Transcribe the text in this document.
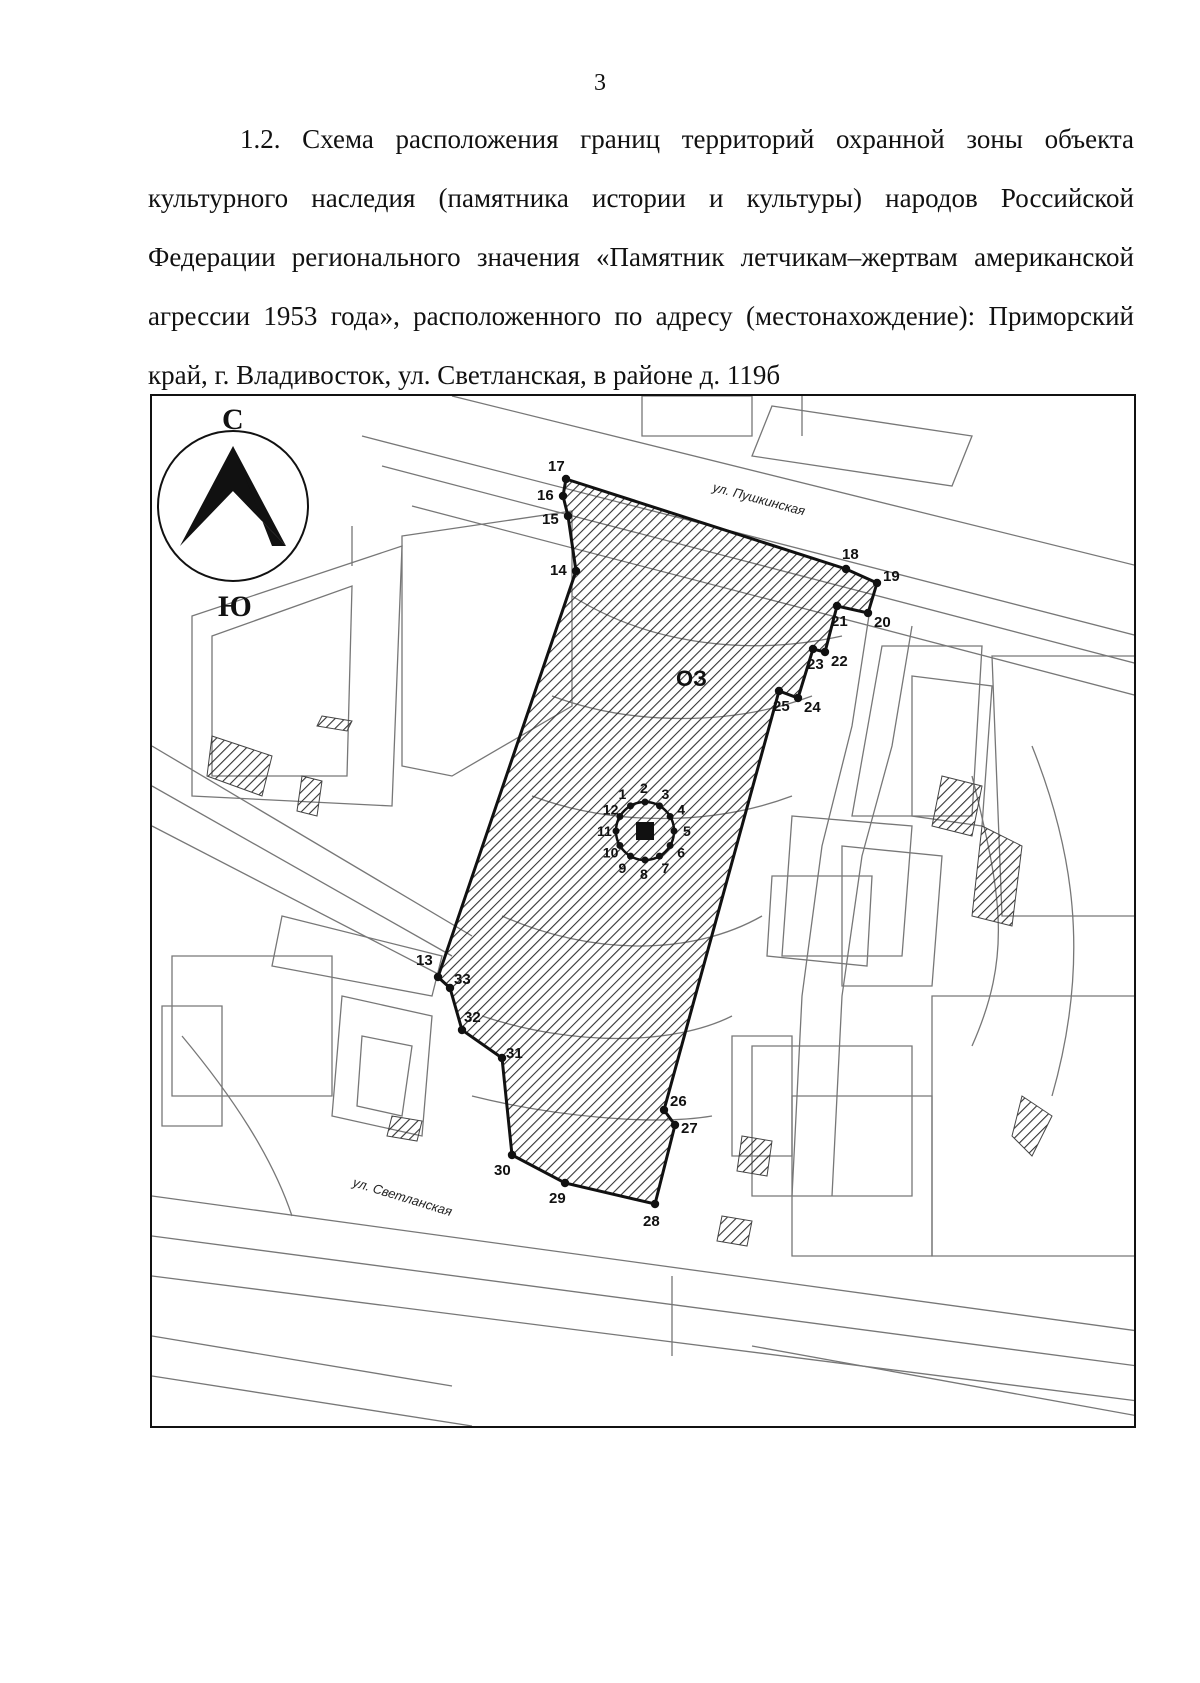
3
1.2. Схема расположения границ территорий охранной зоны объекта культурного наследия (памятника истории и культуры) народов Российской Федерации регионального значения «Памятник летчикам–жертвам американской агрессии 1953 года», расположенного по адресу (местонахождение): Приморский край, г. Владивосток, ул. Светланская, в районе д. 119б
13
14
15
16
17
18
19
20
21
22
23
24
25
26
27
28
29
30
31
32
33
1 2 3
4
5
6
7
8
9
10
11
12
ОЗ
ул. Пушкинская
ул. Светланская
С
Ю
